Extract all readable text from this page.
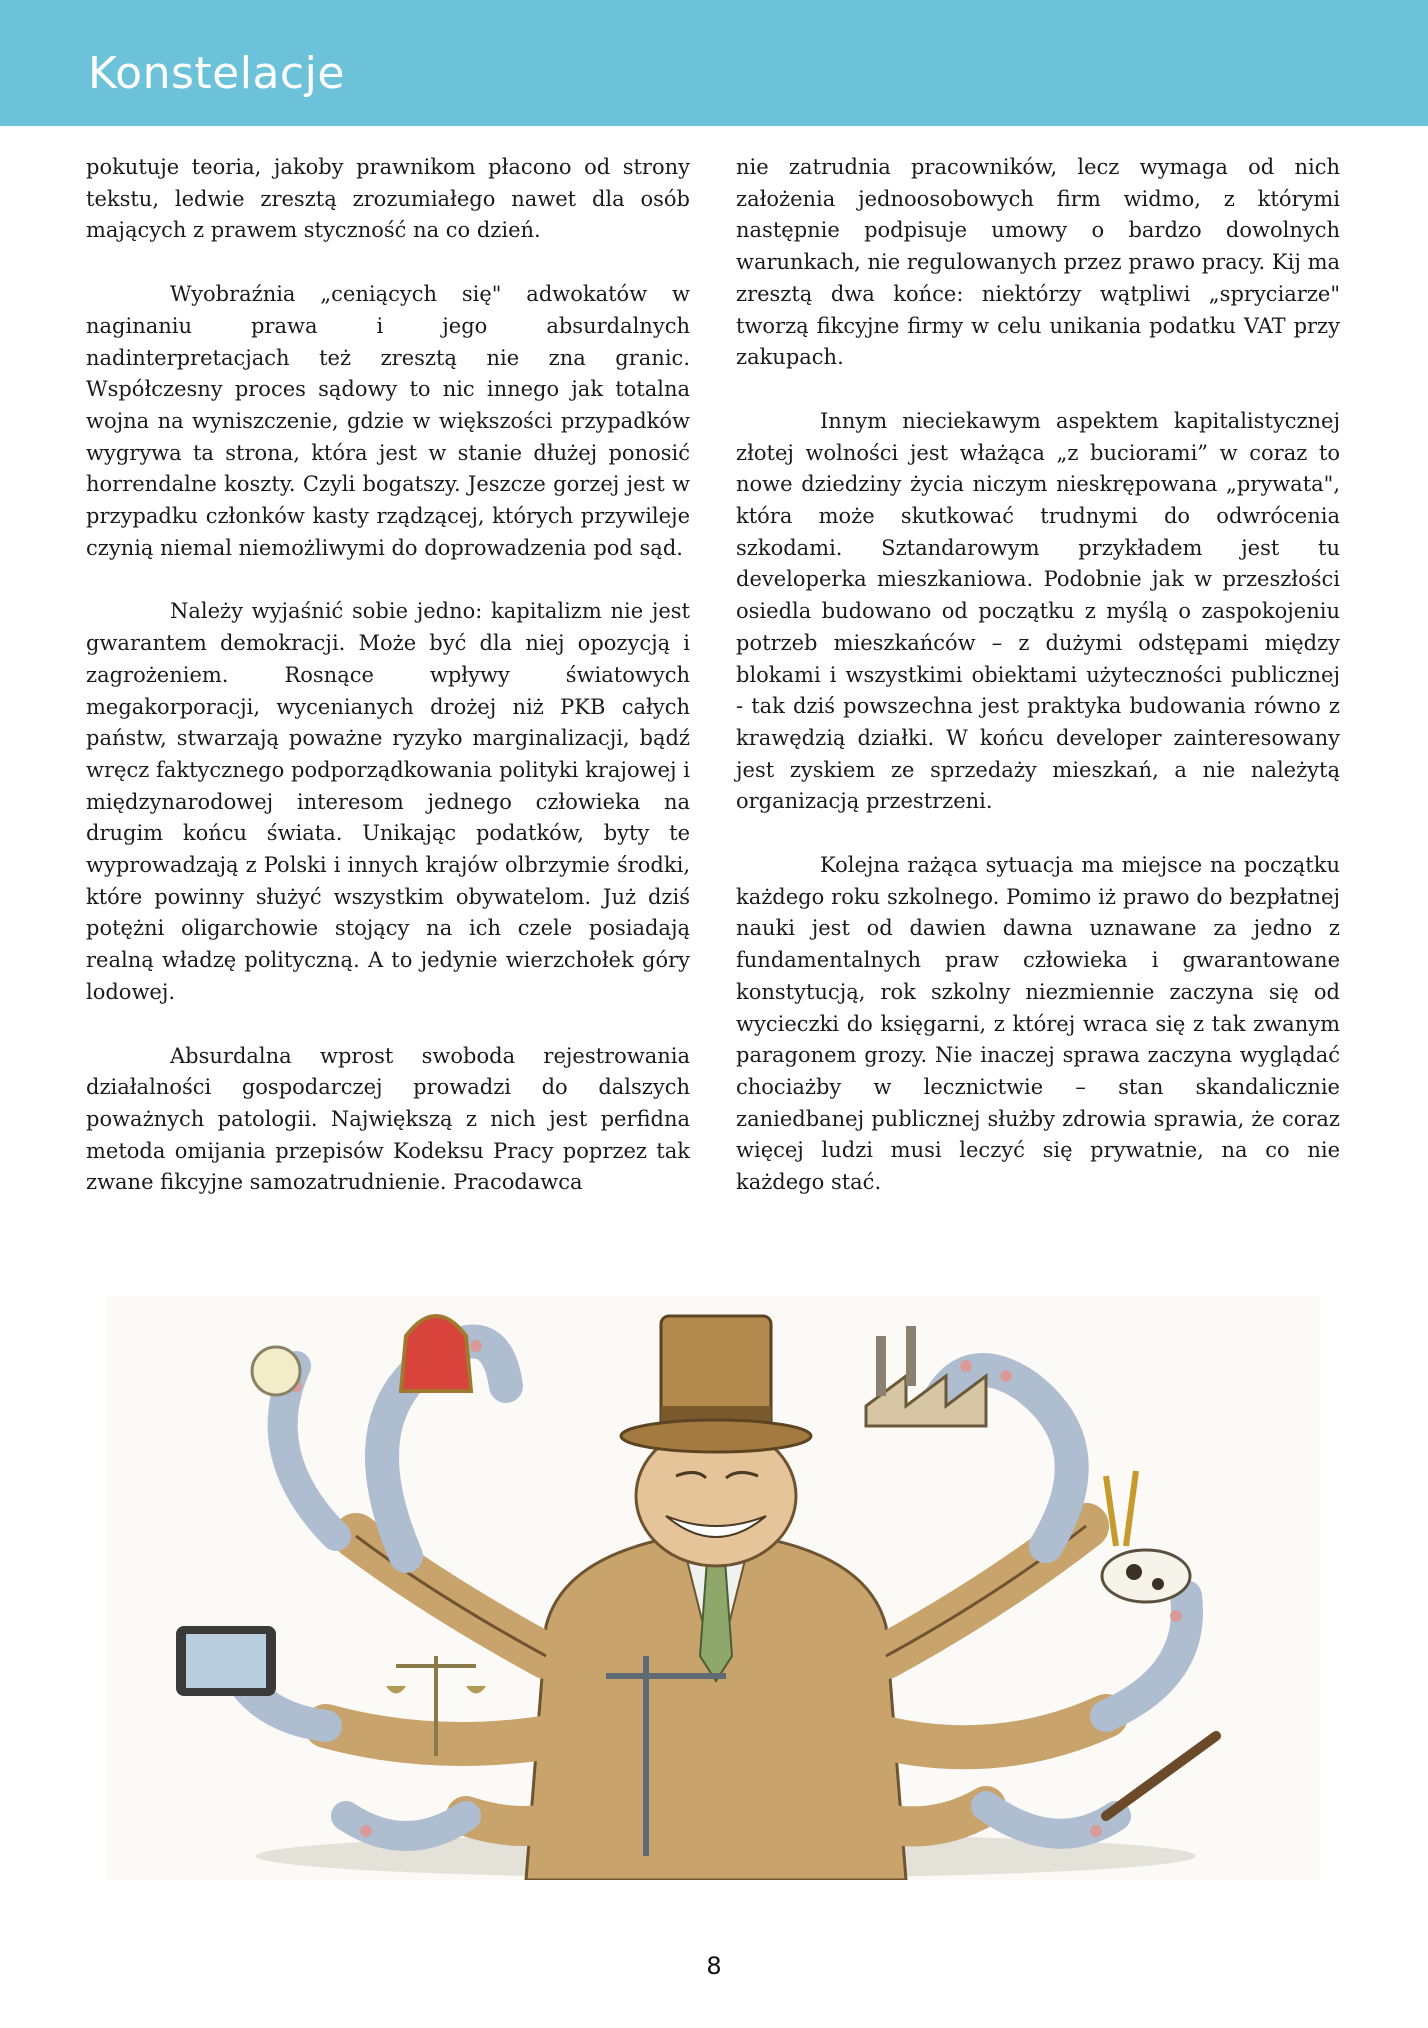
Konstelacje

pokutuje teoria, jakoby prawnikom płacono od strony tekstu, ledwie zresztą zrozumiałego nawet dla osób mających z prawem styczność na co dzień.

Wyobraźnia „ceniących się" adwokatów w naginaniu prawa i jego absurdalnych nadinterpretacjach też zresztą nie zna granic. Współczesny proces sądowy to nic innego jak totalna wojna na wyniszczenie, gdzie w większości przypadków wygrywa ta strona, która jest w stanie dłużej ponosić horrendalne koszty. Czyli bogatszy. Jeszcze gorzej jest w przypadku członków kasty rządzącej, których przywileje czynią niemal niemożliwymi do doprowadzenia pod sąd.

Należy wyjaśnić sobie jedno: kapitalizm nie jest gwarantem demokracji. Może być dla niej opozycją i zagrożeniem. Rosnące wpływy światowych megakorporacji, wycenianych drożej niż PKB całych państw, stwarzają poważne ryzyko marginalizacji, bądź wręcz faktycznego podporządkowania polityki krajowej i międzynarodowej interesom jednego człowieka na drugim końcu świata. Unikając podatków, byty te wyprowadzają z Polski i innych krajów olbrzymie środki, które powinny służyć wszystkim obywatelom. Już dziś potężni oligarchowie stojący na ich czele posiadają realną władzę polityczną. A to jedynie wierzchołek góry lodowej.

Absurdalna wprost swoboda rejestrowania działalności gospodarczej prowadzi do dalszych poważnych patologii. Największą z nich jest perfidna metoda omijania przepisów Kodeksu Pracy poprzez tak zwane fikcyjne samozatrudnienie. Pracodawca

nie zatrudnia pracowników, lecz wymaga od nich założenia jednoosobowych firm widmo, z którymi następnie podpisuje umowy o bardzo dowolnych warunkach, nie regulowanych przez prawo pracy. Kij ma zresztą dwa końce: niektórzy wątpliwi „spryciarze" tworzą fikcyjne firmy w celu unikania podatku VAT przy zakupach.

Innym nieciekawym aspektem kapitalistycznej złotej wolności jest włażąca „z buciorami” w coraz to nowe dziedziny życia niczym nieskrępowana „prywata", która może skutkować trudnymi do odwrócenia szkodami. Sztandarowym przykładem jest tu developerka mieszkaniowa. Podobnie jak w przeszłości osiedla budowano od początku z myślą o zaspokojeniu potrzeb mieszkańców – z dużymi odstępami między blokami i wszystkimi obiektami użyteczności publicznej - tak dziś powszechna jest praktyka budowania równo z krawędzią działki. W końcu developer zainteresowany jest zyskiem ze sprzedaży mieszkań, a nie należytą organizacją przestrzeni.

Kolejna rażąca sytuacja ma miejsce na początku każdego roku szkolnego. Pomimo iż prawo do bezpłatnej nauki jest od dawien dawna uznawane za jedno z fundamentalnych praw człowieka i gwarantowane konstytucją, rok szkolny niezmiennie zaczyna się od wycieczki do księgarni, z której wraca się z tak zwanym paragonem grozy. Nie inaczej sprawa zaczyna wyglądać chociażby w lecznictwie – stan skandalicznie zaniedbanej publicznej służby zdrowia sprawia, że coraz więcej ludzi musi leczyć się prywatnie, na co nie każdego stać.

8
